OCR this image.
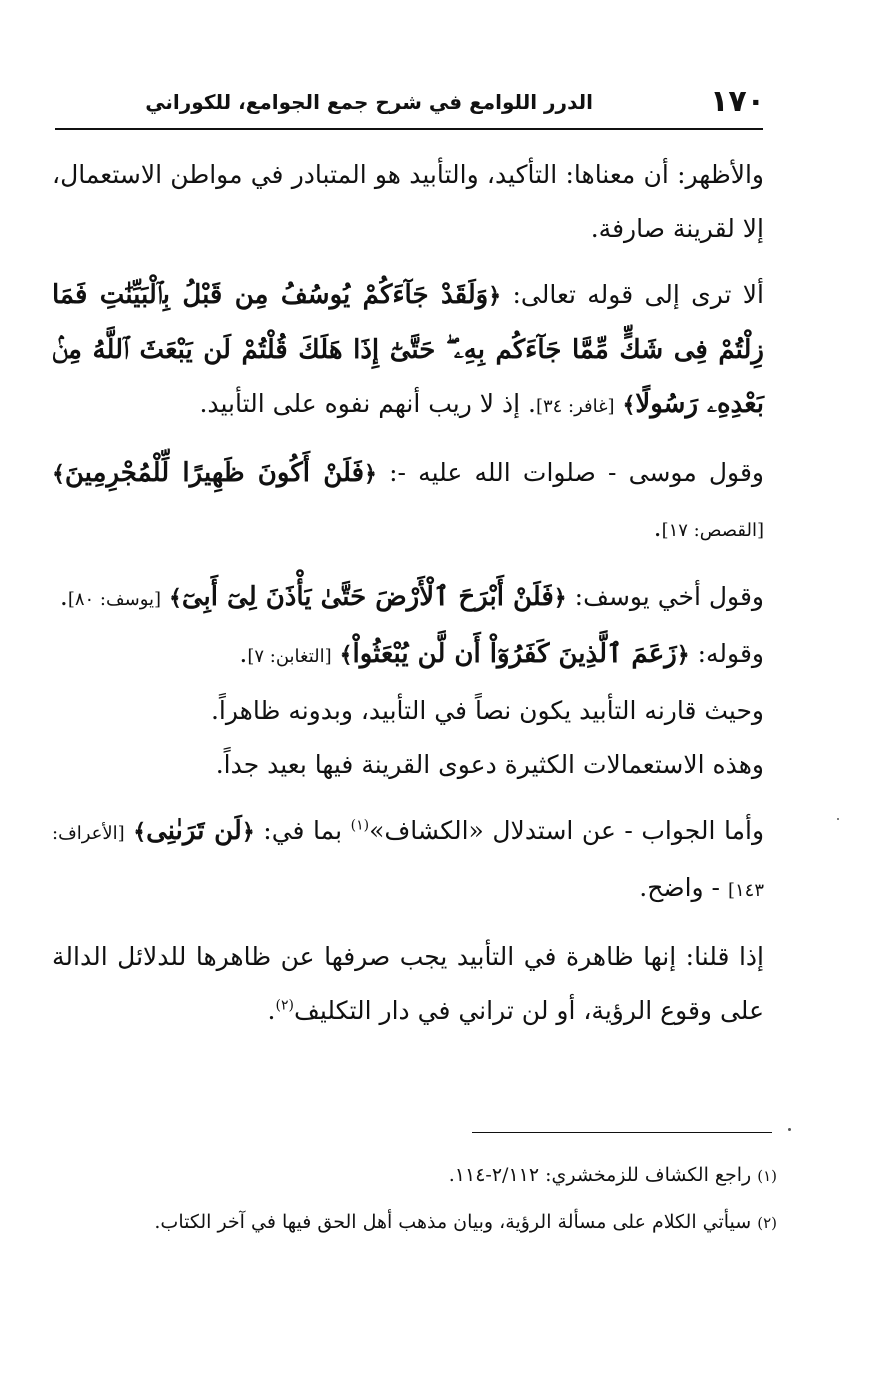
١٧٠
الدرر اللوامع في شرح جمع الجوامع، للكوراني

والأظهر: أن معناها: التأكيد، والتأبيد هو المتبادر في مواطن الاستعمال، إلا لقرينة صارفة.

ألا ترى إلى قوله تعالى: ﴿وَلَقَدْ جَآءَكُمْ يُوسُفُ مِن قَبْلُ بِٱلْبَيِّنَٰتِ فَمَا زِلْتُمْ فِى شَكٍّ مِّمَّا جَآءَكُم بِهِۦ ۖ حَتَّىٰٓ إِذَا هَلَكَ قُلْتُمْ لَن يَبْعَثَ ٱللَّهُ مِنۢ بَعْدِهِۦ رَسُولًا﴾ [غافر: ٣٤]. إذ لا ريب أنهم نفوه على التأبيد.

وقول موسى - صلوات الله عليه -: ﴿فَلَنْ أَكُونَ ظَهِيرًا لِّلْمُجْرِمِينَ﴾ [القصص: ١٧].

وقول أخي يوسف: ﴿فَلَنْ أَبْرَحَ ٱلْأَرْضَ حَتَّىٰ يَأْذَنَ لِىٓ أَبِىٓ﴾ [يوسف: ٨٠].

وقوله: ﴿زَعَمَ ٱلَّذِينَ كَفَرُوٓاْ أَن لَّن يُبْعَثُواْ﴾ [التغابن: ٧].

وحيث قارنه التأبيد يكون نصاً في التأبيد، وبدونه ظاهراً.

وهذه الاستعمالات الكثيرة دعوى القرينة فيها بعيد جداً.

وأما الجواب - عن استدلال «الكشاف»$^{(١)}$ بما في: ﴿لَن تَرَىٰنِى﴾ [الأعراف: ١٤٣] - واضح.

إذا قلنا: إنها ظاهرة في التأبيد يجب صرفها عن ظاهرها للدلائل الدالة على وقوع الرؤية، أو لن تراني في دار التكليف$^{(٢)}$.

(١)راجع الكشاف للزمخشري: ٢/١١٢-١١٤.

(٢)سيأتي الكلام على مسألة الرؤية، وبيان مذهب أهل الحق فيها في آخر الكتاب.
